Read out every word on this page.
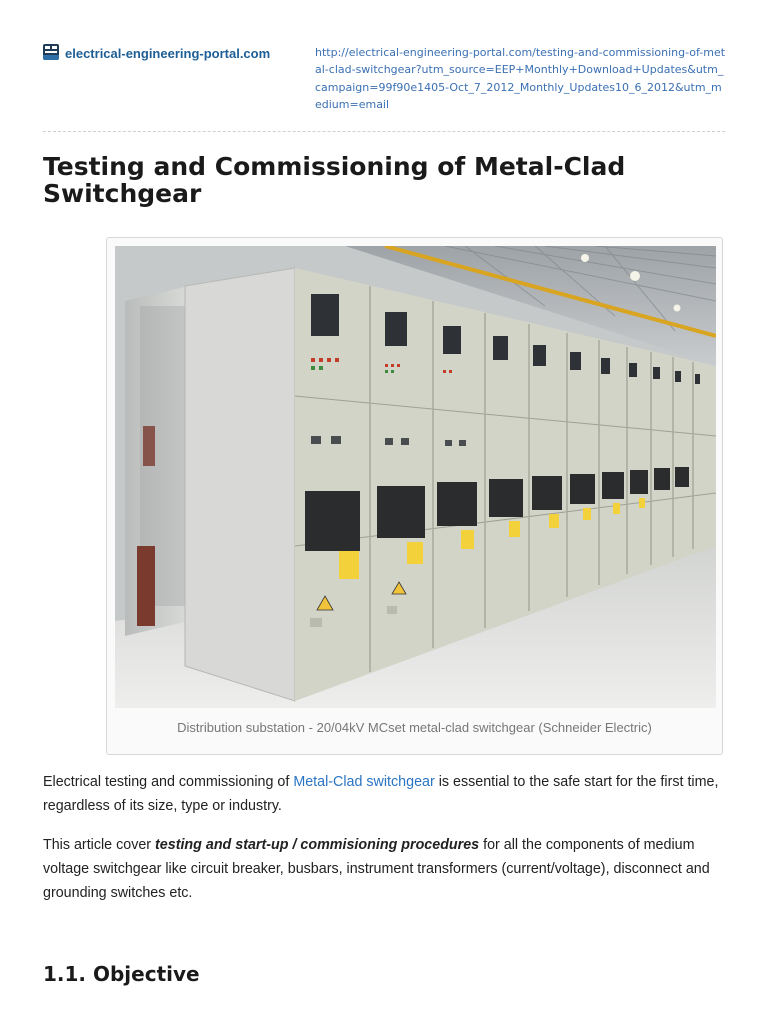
electrical-engineering-portal.com	http://electrical-engineering-portal.com/testing-and-commissioning-of-metal-clad-switchgear?utm_source=EEP+Monthly+Download+Updates&utm_campaign=99f90e1405-Oct_7_2012_Monthly_Updates10_6_2012&utm_medium=email
Testing and Commissioning of Metal-Clad Switchgear
Distribution substation - 20/04kV MCset metal-clad switchgear (Schneider Electric)

Electrical testing and commissioning of Metal-Clad switchgear is essential to the safe start for the first time, regardless of its size, type or industry.

This article cover testing and start-up / commisioning procedures for all the components of medium voltage switchgear like circuit breaker, busbars, instrument transformers (current/voltage), disconnect and grounding switches etc.

1.1. Objective
